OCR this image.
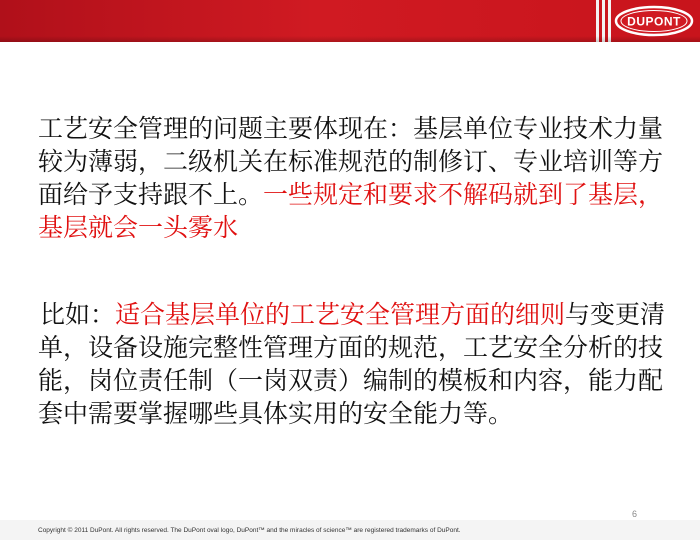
DUPONT

工艺安全管理的问题主要体现在：基层单位专业技术力量较为薄弱，二级机关在标准规范的制修订、专业培训等方面给予支持跟不上。一些规定和要求不解码就到了基层，基层就会一头雾水

比如：适合基层单位的工艺安全管理方面的细则与变更清单，设备设施完整性管理方面的规范，工艺安全分析的技能，岗位责任制（一岗双责）编制的模板和内容，能力配套中需要掌握哪些具体实用的安全能力等。

Copyright © 2011 DuPont. All rights reserved. The DuPont oval logo, DuPont™ and the miracles of science™ are registered trademarks of DuPont.
6
